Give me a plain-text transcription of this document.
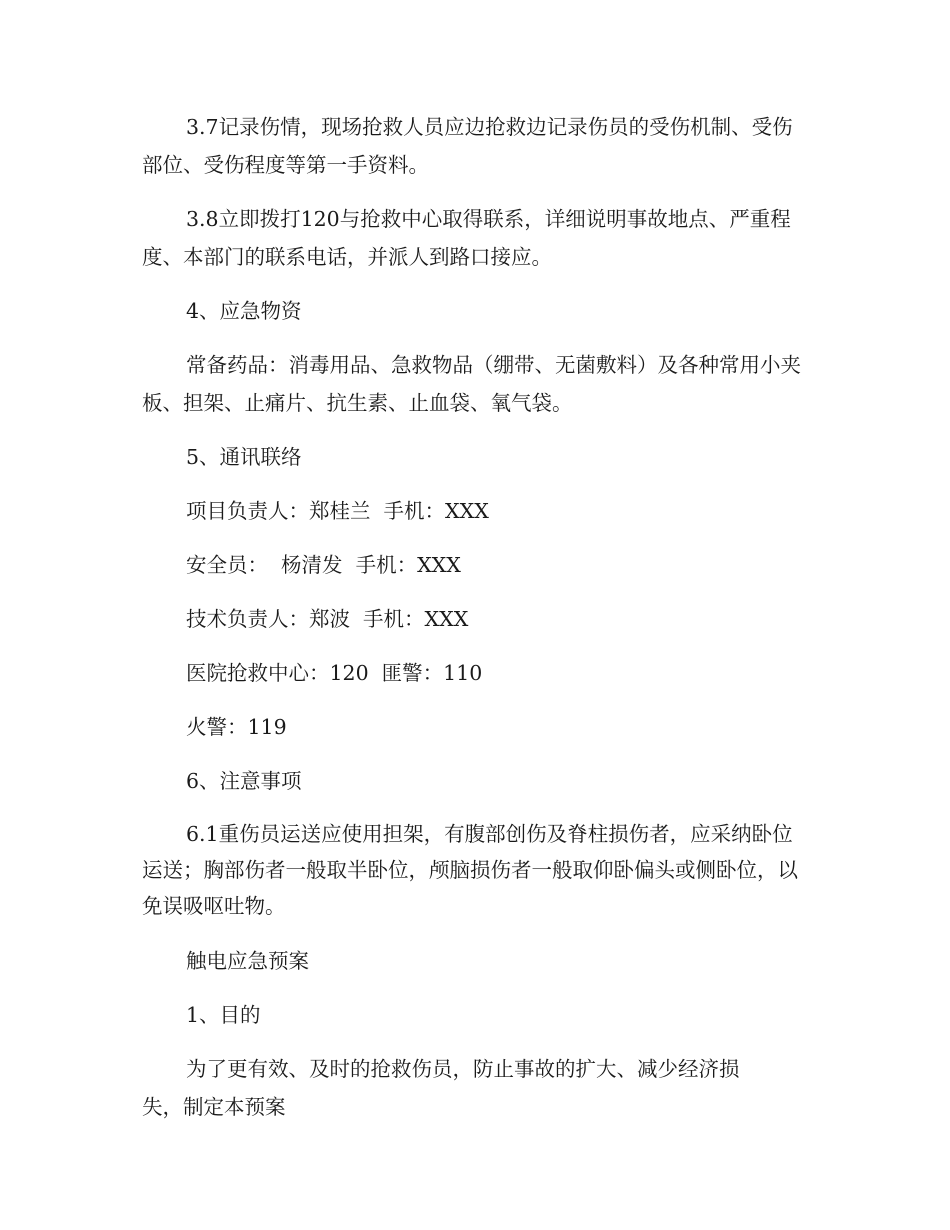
3.7记录伤情，现场抢救人员应边抢救边记录伤员的受伤机制、受伤部位、受伤程度等第一手资料。

3.8立即拨打120与抢救中心取得联系，详细说明事故地点、严重程度、本部门的联系电话，并派人到路口接应。

4、应急物资

常备药品：消毒用品、急救物品（绷带、无菌敷料）及各种常用小夹板、担架、止痛片、抗生素、止血袋、氧气袋。

5、通讯联络

项目负责人：郑桂兰  手机：XXX

安全员：  杨清发  手机：XXX

技术负责人：郑波  手机：XXX

医院抢救中心：120  匪警：110

火警：119

6、注意事项

6.1重伤员运送应使用担架，有腹部创伤及脊柱损伤者，应采纳卧位运送；胸部伤者一般取半卧位，颅脑损伤者一般取仰卧偏头或侧卧位，以免误吸呕吐物。

触电应急预案

1、目的

为了更有效、及时的抢救伤员，防止事故的扩大、减少经济损失，制定本预案
